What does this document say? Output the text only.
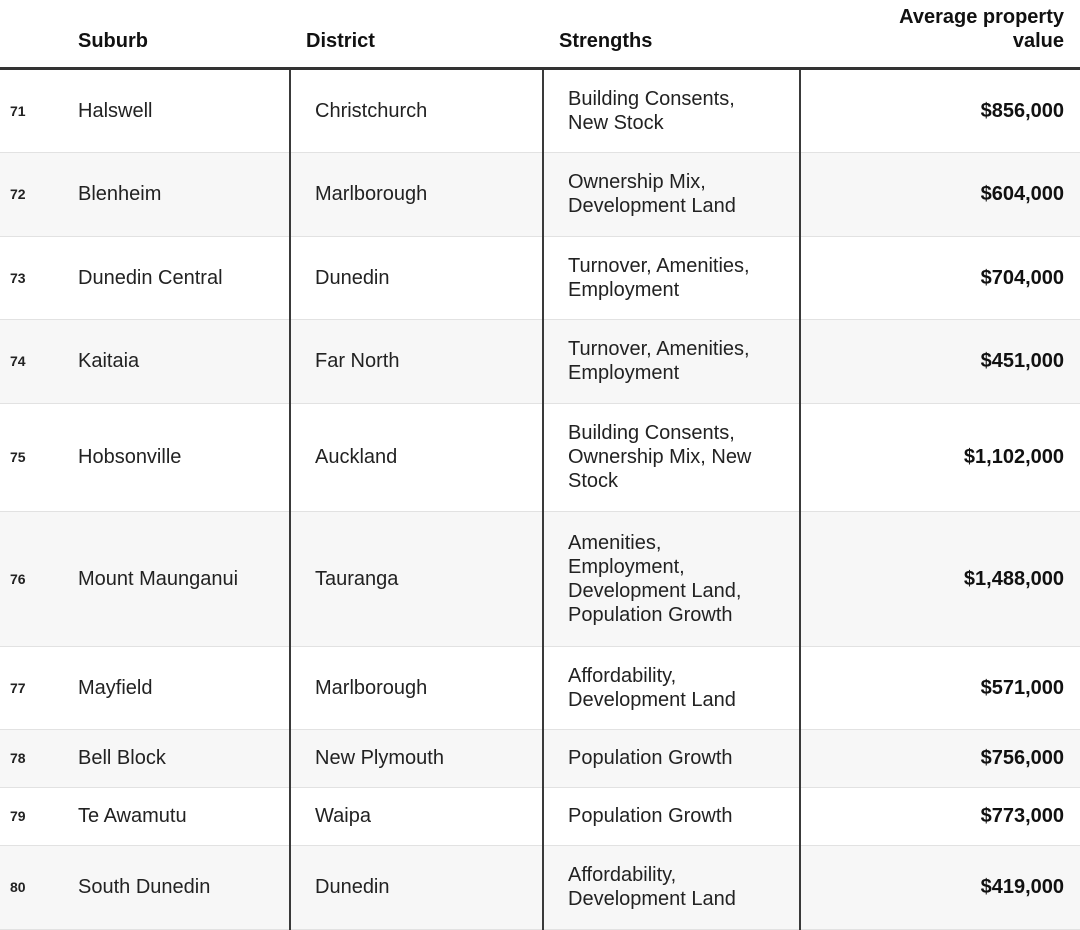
	Suburb	District	Strengths	Average property
value
71	Halswell	Christchurch	Building Consents, New Stock	$856,000
72	Blenheim	Marlborough	Ownership Mix, Development Land	$604,000
73	Dunedin Central	Dunedin	Turnover, Amenities, Employment	$704,000
74	Kaitaia	Far North	Turnover, Amenities, Employment	$451,000
75	Hobsonville	Auckland	Building Consents, Ownership Mix, New Stock	$1,102,000
76	Mount Maunganui	Tauranga	Amenities, Employment, Development Land, Population Growth	$1,488,000
77	Mayfield	Marlborough	Affordability, Development Land	$571,000
78	Bell Block	New Plymouth	Population Growth	$756,000
79	Te Awamutu	Waipa	Population Growth	$773,000
80	South Dunedin	Dunedin	Affordability, Development Land	$419,000
